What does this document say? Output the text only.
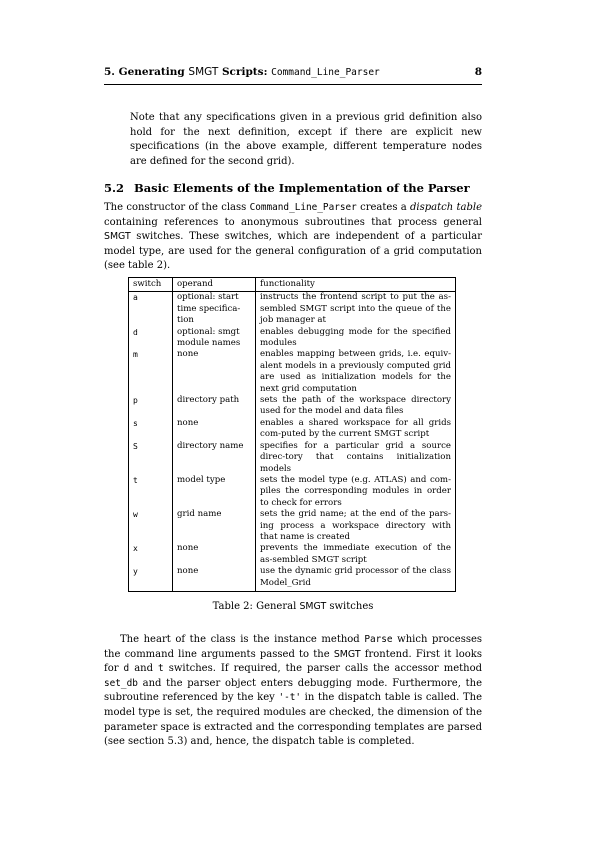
5. Generating SMGT Scripts: Command_Line_Parser	8

Note that any specifications given in a previous grid definition also hold for the next definition, except if there are explicit new specifications (in the above example, different temperature nodes are defined for the second grid).

5.2 Basic Elements of the Implementation of the Parser

The constructor of the class Command_Line_Parser creates a dispatch table containing references to anonymous subroutines that process general SMGT switches. These switches, which are independent of a particular model type, are used for the general configuration of a grid computation (see table 2).

switch	operand	functionality
a	optional: start time specifica-tion	instructs the frontend script to put the as-sembled SMGT script into the queue of the job manager at
d	optional: smgt module names	enables debugging mode for the specified modules
m	none	enables mapping between grids, i.e. equiv-alent models in a previously computed grid are used as initialization models for the next grid computation
p	directory path	sets the path of the workspace directory used for the model and data files
s	none	enables a shared workspace for all grids com-puted by the current SMGT script
S	directory name	specifies for a particular grid a source direc-tory that contains initialization models
t	model type	sets the model type (e.g. ATLAS) and com-piles the corresponding modules in order to check for errors
w	grid name	sets the grid name; at the end of the pars-ing process a workspace directory with that name is created
x	none	prevents the immediate execution of the as-sembled SMGT script
y	none	use the dynamic grid processor of the class Model_Grid

Table 2: General SMGT switches

The heart of the class is the instance method Parse which processes the command line arguments passed to the SMGT frontend. First it looks for d and t switches. If required, the parser calls the accessor method set_db and the parser object enters debugging mode. Furthermore, the subroutine referenced by the key '-t' in the dispatch table is called. The model type is set, the required modules are checked, the dimension of the parameter space is extracted and the corresponding templates are parsed (see section 5.3) and, hence, the dispatch table is completed.
